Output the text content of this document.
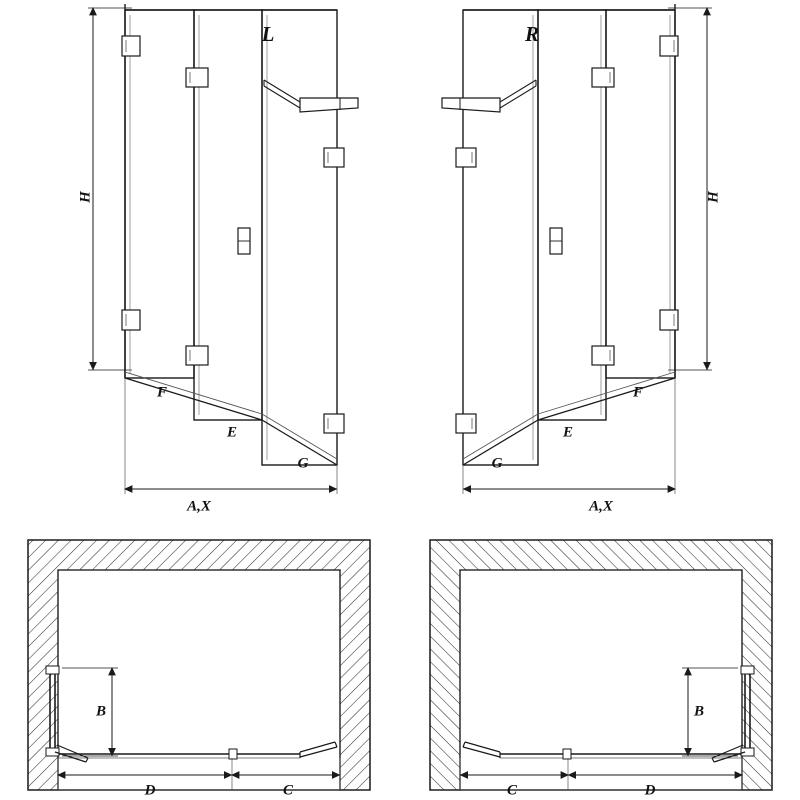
H
F
E
G
L
A,X
H
F
E
G
R
A,X
B
D	C
B
D
C
